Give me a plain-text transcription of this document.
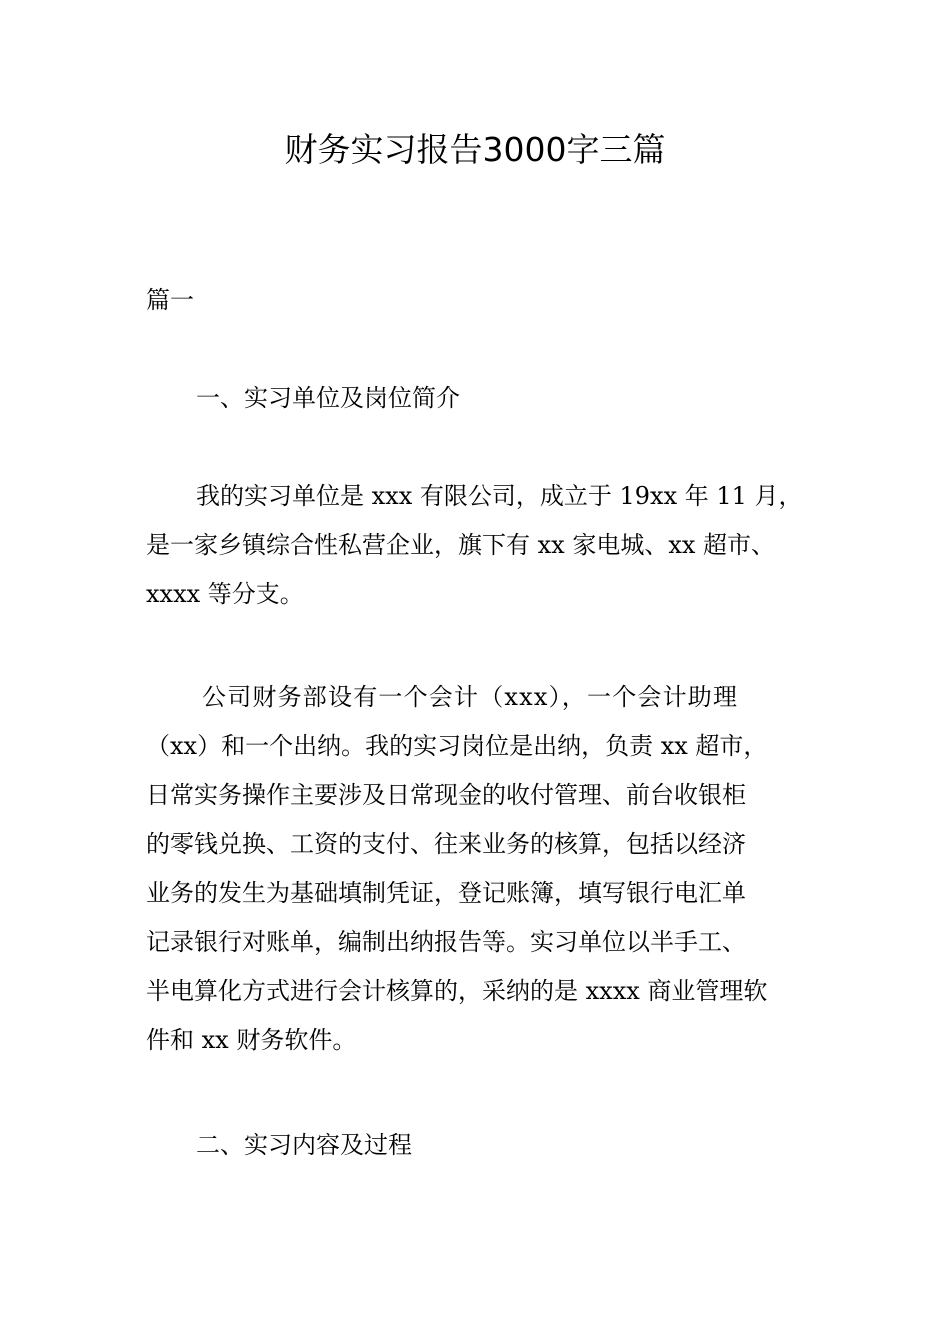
财务实习报告3000字三篇
篇一
一、实习单位及岗位简介
我的实习单位是 xxx 有限公司，成立于 19xx 年 11 月，
是一家乡镇综合性私营企业，旗下有 xx 家电城、xx 超市、
xxxx 等分支。
公司财务部设有一个会计（xxx），一个会计助理
（xx）和一个出纳。我的实习岗位是出纳，负责 xx 超市，
日常实务操作主要涉及日常现金的收付管理、前台收银柜
的零钱兑换、工资的支付、往来业务的核算，包括以经济
业务的发生为基础填制凭证，登记账簿，填写银行电汇单
记录银行对账单，编制出纳报告等。实习单位以半手工、
半电算化方式进行会计核算的，采纳的是 xxxx 商业管理软
件和 xx 财务软件。
二、实习内容及过程
